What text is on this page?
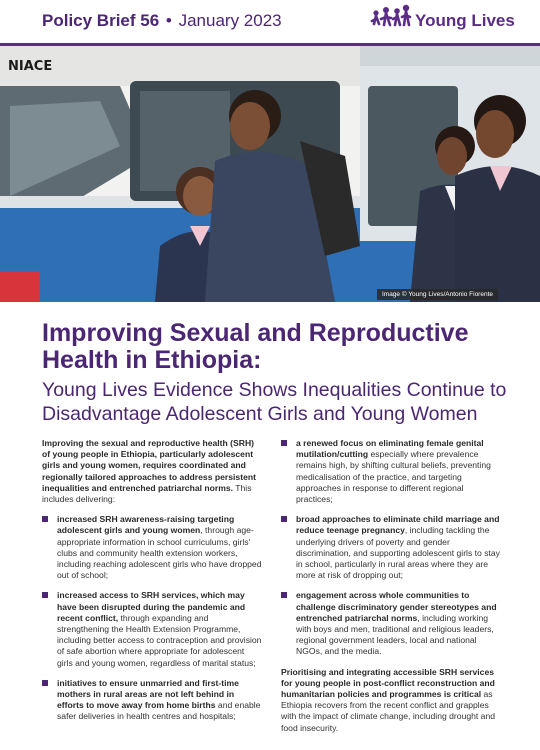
Policy Brief 56 • January 2023	Young Lives
NIACE
Image © Young Lives/Antonio Fiorente
Improving Sexual and Reproductive Health in Ethiopia:
Young Lives Evidence Shows Inequalities Continue to Disadvantage Adolescent Girls and Young Women

Improving the sexual and reproductive health (SRH) of young people in Ethiopia, particularly adolescent girls and young women, requires coordinated and regionally tailored approaches to address persistent inequalities and entrenched patriarchal norms. This includes delivering:

increased SRH awareness-raising targeting adolescent girls and young women, through age-appropriate information in school curriculums, girls' clubs and community health extension workers, including reaching adolescent girls who have dropped out of school;
increased access to SRH services, which may have been disrupted during the pandemic and recent conflict, through expanding and strengthening the Health Extension Programme, including better access to contraception and provision of safe abortion where appropriate for adolescent girls and young women, regardless of marital status;
initiatives to ensure unmarried and first-time mothers in rural areas are not left behind in efforts to move away from home births and enable safer deliveries in health centres and hospitals;
a renewed focus on eliminating female genital mutilation/cutting especially where prevalence remains high, by shifting cultural beliefs, preventing medicalisation of the practice, and targeting approaches in response to different regional practices;
broad approaches to eliminate child marriage and reduce teenage pregnancy, including tackling the underlying drivers of poverty and gender discrimination, and supporting adolescent girls to stay in school, particularly in rural areas where they are more at risk of dropping out;
engagement across whole communities to challenge discriminatory gender stereotypes and entrenched patriarchal norms, including working with boys and men, traditional and religious leaders, regional government leaders, local and national NGOs, and the media.

Prioritising and integrating accessible SRH services for young people in post-conflict reconstruction and humanitarian policies and programmes is critical as Ethiopia recovers from the recent conflict and grapples with the impact of climate change, including drought and food insecurity.
